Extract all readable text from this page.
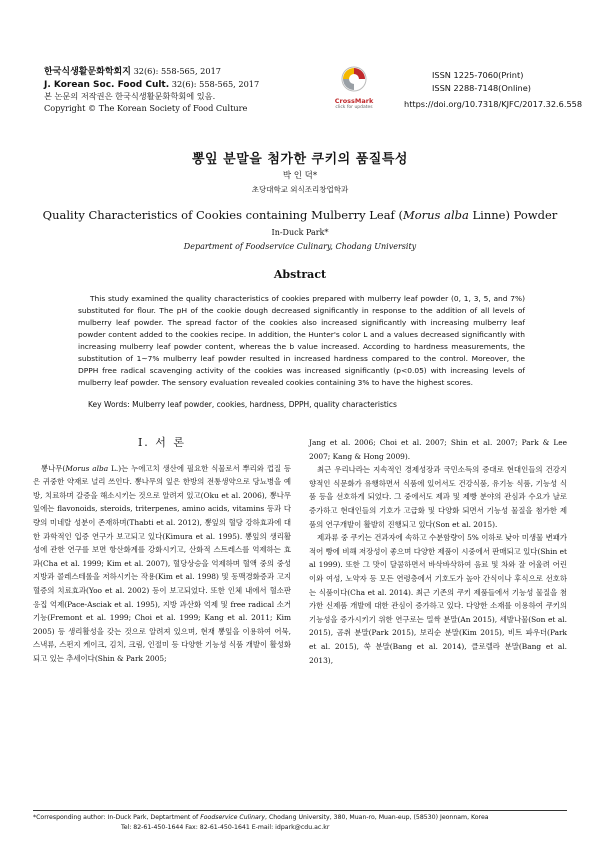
한국식생활문화학회지 32(6): 558-565, 2017
J. Korean Soc. Food Cult. 32(6): 558-565, 2017
본 논문의 저작권은 한국식생활문화학회에 있음.
Copyright © The Korean Society of Food Culture
CrossMark
click for updates
ISSN 1225-7060(Print)
ISSN 2288-7148(Online)
https://doi.org/10.7318/KJFC/2017.32.6.558
뽕잎 분말을 첨가한 쿠키의 품질특성
박 인 덕*
초당대학교 외식조리창업학과
Quality Characteristics of Cookies containing Mulberry Leaf (Morus alba Linne) Powder
In-Duck Park*
Department of Foodservice Culinary, Chodang University
Abstract
This study examined the quality characteristics of cookies prepared with mulberry leaf powder (0, 1, 3, 5, and 7%) substituted for flour. The pH of the cookie dough decreased significantly in response to the addition of all levels of mulberry leaf powder. The spread factor of the cookies also increased significantly with increasing mulberry leaf powder content added to the cookies recipe. In addition, the Hunter's color L and a values decreased significantly with increasing mulberry leaf powder content, whereas the b value increased. According to hardness measurements, the substitution of 1~7% mulberry leaf powder resulted in increased hardness compared to the control. Moreover, the DPPH free radical scavenging activity of the cookies was increased significantly (p<0.05) with increasing levels of mulberry leaf powder. The sensory evaluation revealed cookies containing 3% to have the highest scores.
Key Words: Mulberry leaf powder, cookies, hardness, DPPH, quality characteristics
I. 서 론

뽕나무(Morus alba L.)는 누에고치 생산에 필요한 식물로서 뿌리와 껍질 등은 귀중한 약재로 널리 쓰인다. 뽕나무의 잎은 한방의 전통생약으로 당뇨병을 예방, 치료하며 갈증을 해소시키는 것으로 알려져 있고(Oku et al. 2006), 뽕나무 잎에는 flavonoids, steroids, triterpenes, amino acids, vitamins 등과 다량의 미네랄 성분이 존재하며(Thabti et al. 2012), 뽕잎의 혈당 강하효과에 대한 과학적인 입증 연구가 보고되고 있다(Kimura et al. 1995). 뽕잎의 생리활성에 관한 연구를 보면 항산화계를 강화시키고, 산화적 스트레스를 억제하는 효과(Cha et al. 1999; Kim et al. 2007), 혈당상승을 억제하며 혈액 중의 중성지방과 콜레스테롤을 저하시키는 작용(Kim et al. 1998) 및 동맥경화증과 고지혈증의 치료효과(Yoo et al. 2002) 등이 보고되었다. 또한 인체 내에서 혈소판 응집 억제(Pace-Asciak et al. 1995), 지방 과산화 억제 및 free radical 소거 기능(Fremont et al. 1999; Choi et al. 1999; Kang et al. 2011; Kim 2005) 등 생리활성을 갖는 것으로 알려져 있으며, 현재 뽕잎을 이용하여 어묵, 스낵류, 스펀지 케이크, 김치, 크림, 인절미 등 다양한 기능성 식품 개발이 활성화되고 있는 추세이다(Shin & Park 2005;

Jang et al. 2006; Choi et al. 2007; Shin et al. 2007; Park & Lee 2007; Kang & Hong 2009).

최근 우리나라는 지속적인 경제성장과 국민소득의 증대로 현대인들의 건강지향적인 식문화가 유행하면서 식품에 있어서도 건강식품, 유기농 식품, 기능성 식품 등을 선호하게 되었다. 그 중에서도 제과 및 제빵 분야의 관심과 수요가 날로 증가하고 현대인들의 기호가 고급화 및 다양화 되면서 기능성 물질을 첨가한 제품의 연구개발이 활발히 진행되고 있다(Son et al. 2015).

제과류 중 쿠키는 건과자에 속하고 수분함량이 5% 이하로 낮아 미생물 변패가 적어 빵에 비해 저장성이 좋으며 다양한 제품이 시중에서 판매되고 있다(Shin et al 1999). 또한 그 맛이 달콤하면서 바삭바삭하여 음료 및 차와 잘 어울려 어린이와 여성, 노약자 등 모든 연령층에서 기호도가 높아 간식이나 후식으로 선호하는 식품이다(Cha et al. 2014). 최근 기존의 쿠키 제품들에서 기능성 물질을 첨가한 신제품 개발에 대한 관심이 증가하고 있다. 다양한 소재를 이용하여 쿠키의 기능성을 증가시키기 위한 연구로는 밀싹 분말(An 2015), 세발나물(Son et al. 2015), 곰취 분말(Park 2015), 보리순 분말(Kim 2015), 비트 파우더(Park et al. 2015), 쑥 분말(Bang et al. 2014), 클로렐라 분말(Bang et al. 2013),

*Corresponding author: In-Duck Park, Deptartment of Foodservice Culinary, Chodang University, 380, Muan-ro, Muan-eup, (58530) Jeonnam, Korea
Tel: 82-61-450-1644 Fax: 82-61-450-1641 E-mail: idpark@cdu.ac.kr
